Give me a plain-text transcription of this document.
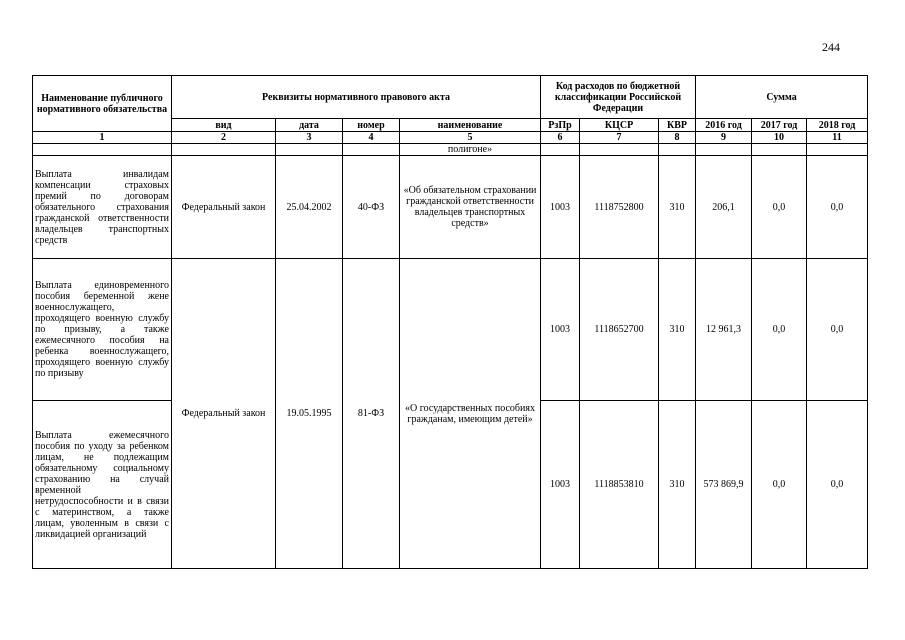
244
Наименование публичного нормативного обязательства	Реквизиты нормативного правового акта				Код расходов по бюджетной классификации Российской Федерации			Сумма		
	вид	дата	номер	наименование	РзПр	КЦСР	КВР	2016 год	2017 год	2018 год
1	2	3	4	5	6	7	8	9	10	11
				полигоне»						
Выплата инвалидам компенсации страховых премий по договорам обязательного страхования гражданской ответственности владельцев транспортных средств	Федеральный закон	25.04.2002	40-ФЗ	«Об обязательном страховании гражданской ответственности владельцев транспортных средств»	1003	1118752800	310	206,1	0,0	0,0
Выплата единовременного пособия беременной жене военнослужащего, проходящего военную службу по призыву, а также ежемесячного пособия на ребенка военнослужащего, проходящего военную службу по призыву	Федеральный закон	19.05.1995	81-ФЗ	«О государственных пособиях гражданам, имеющим детей»	1003	1118652700	310	12 961,3	0,0	0,0
Выплата ежемесячного пособия по уходу за ребенком лицам, не подлежащим обязательному социальному страхованию на случай временной нетрудоспособности и в связи с материнством, а также лицам, уволенным в связи с ликвидацией организаций					1003	1118853810	310	573 869,9	0,0	0,0
